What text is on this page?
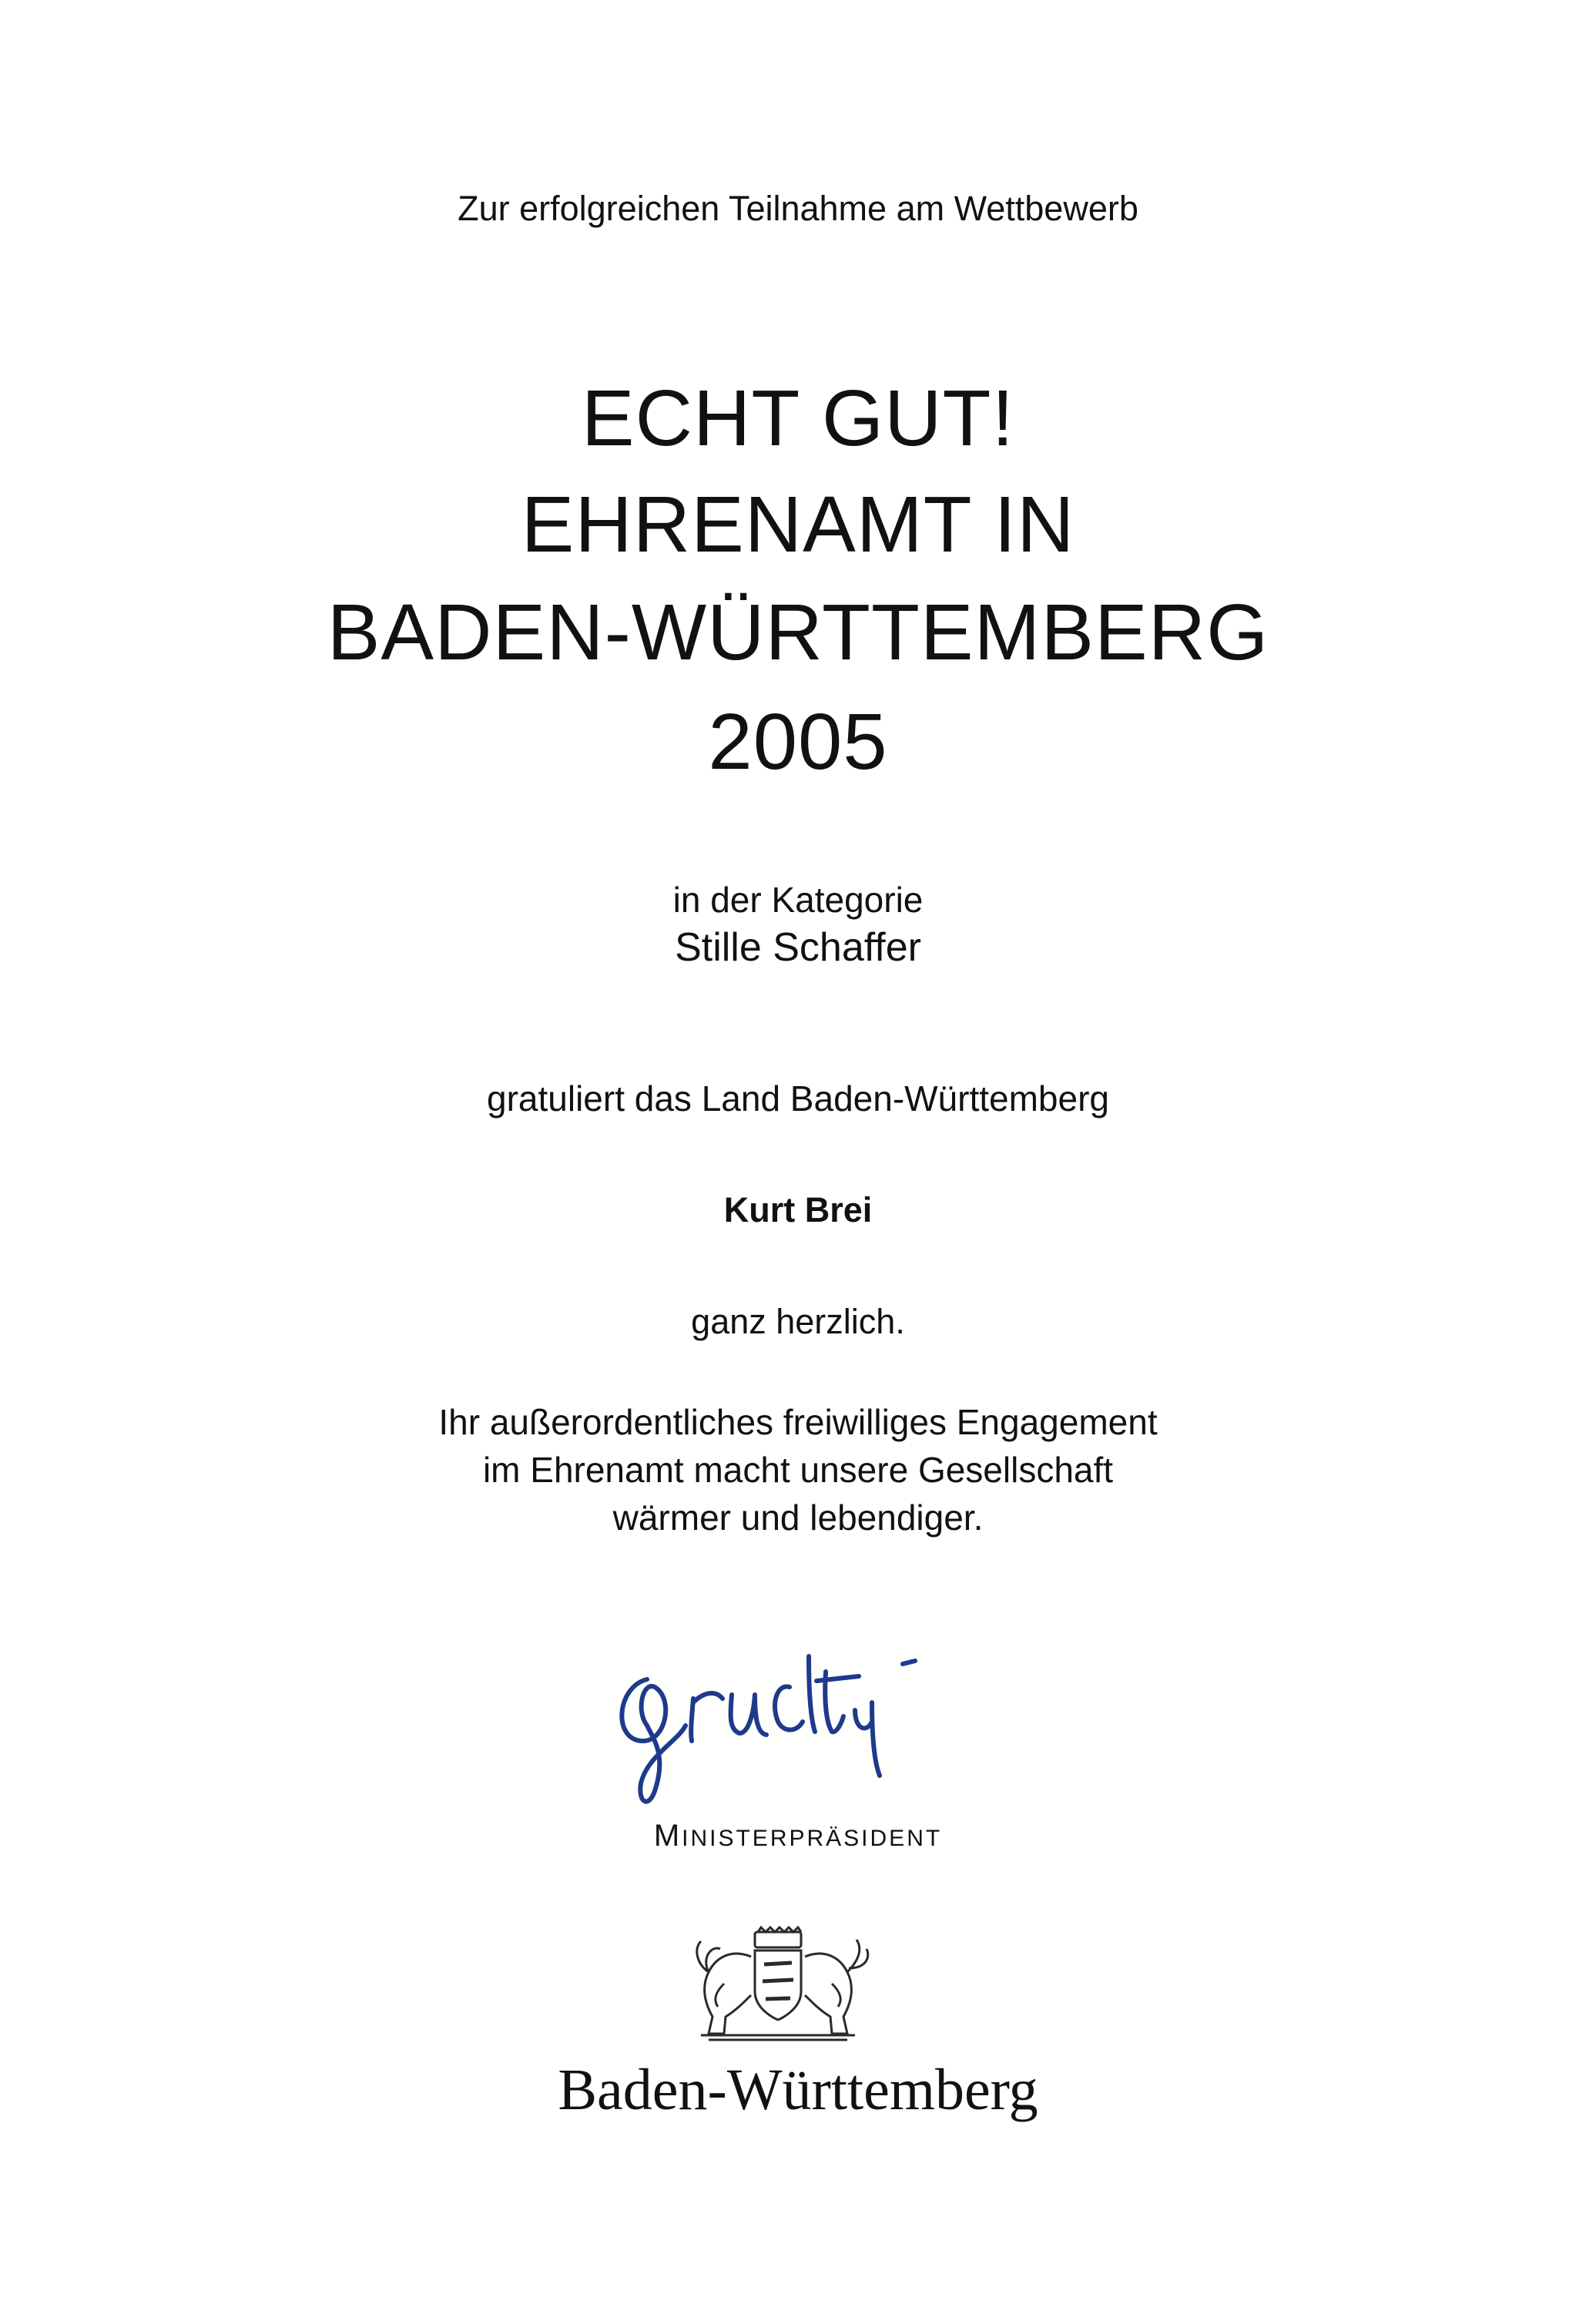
Zur erfolgreichen Teilnahme am Wettbewerb

ECHT GUT!

EHRENAMT IN

BADEN-WÜRTTEMBERG

2005

in der Kategorie

Stille Schaffer

gratuliert das Land Baden-Württemberg

Kurt Brei

ganz herzlich.

Ihr außerordentliches freiwilliges Engagement
im Ehrenamt macht unsere Gesellschaft
wärmer und lebendiger.
MINISTERPRÄSIDENT
Baden-Württemberg
